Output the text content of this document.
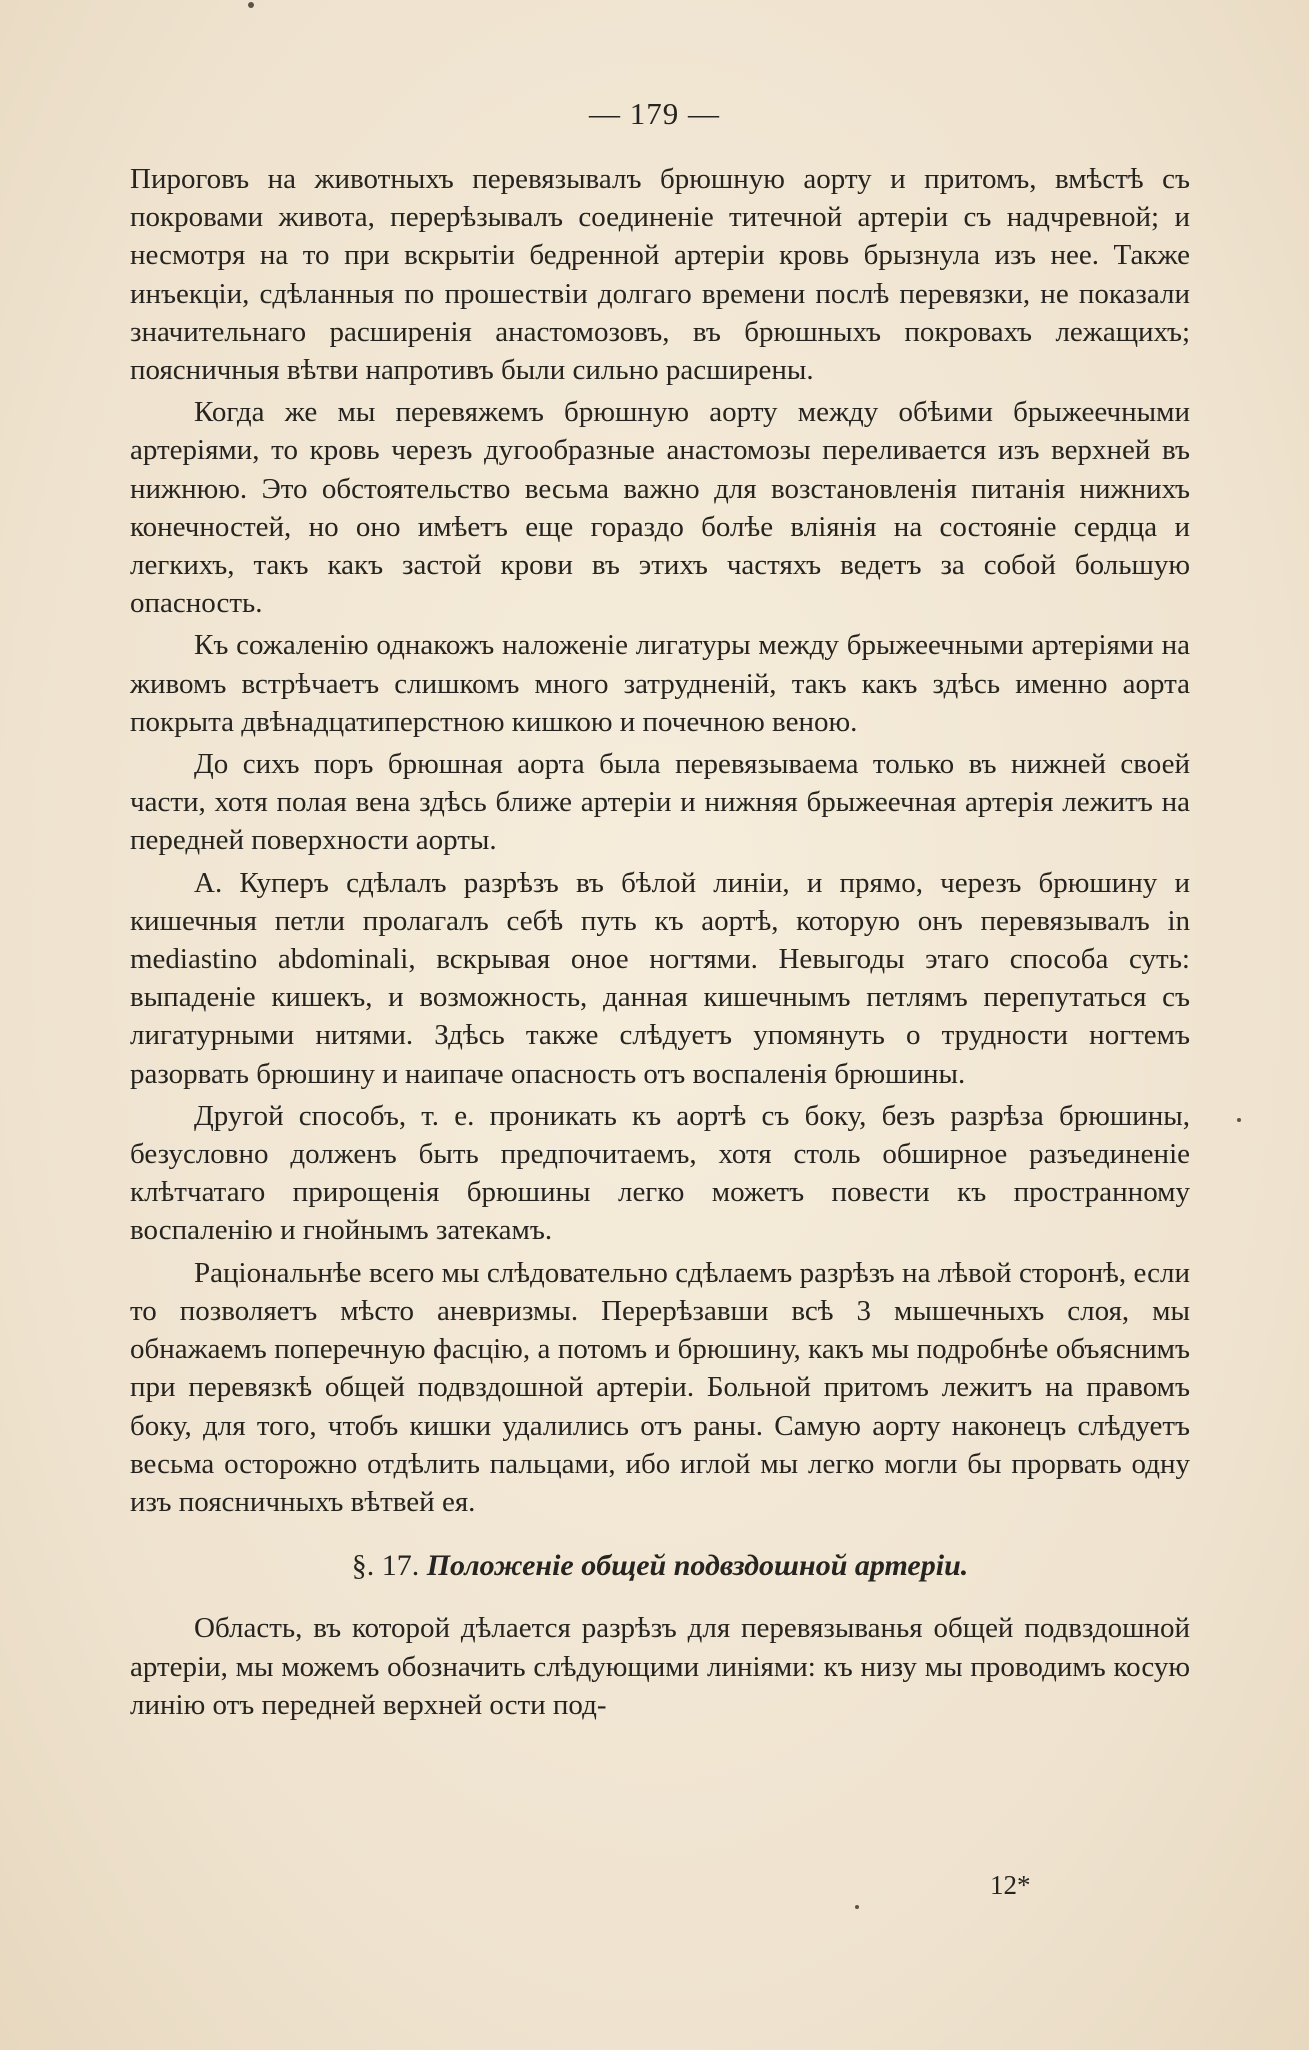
— 179 —

Пироговъ на животныхъ перевязывалъ брюшную аорту и притомъ, вмѣстѣ съ покровами живота, перерѣзывалъ соединеніе титечной артеріи съ надчревной; и несмотря на то при вскрытіи бедренной артеріи кровь брызнула изъ нее. Также инъекціи, сдѣланныя по прошествіи долгаго времени послѣ перевязки, не показали значительнаго расширенія анастомозовъ, въ брюшныхъ покровахъ лежащихъ; поясничныя вѣтви напротивъ были сильно расширены.

Когда же мы перевяжемъ брюшную аорту между обѣими брыжеечными артеріями, то кровь черезъ дугообразные анастомозы переливается изъ верхней въ нижнюю. Это обстоятельство весьма важно для возстановленія питанія нижнихъ конечностей, но оно имѣетъ еще гораздо болѣе вліянія на состояніе сердца и легкихъ, такъ какъ застой крови въ этихъ частяхъ ведетъ за собой большую опасность.

Къ сожаленію однакожъ наложеніе лигатуры между брыжеечными артеріями на живомъ встрѣчаетъ слишкомъ много затрудненій, такъ какъ здѣсь именно аорта покрыта двѣнадцатиперстною кишкою и почечною веною.

До сихъ поръ брюшная аорта была перевязываема только въ нижней своей части, хотя полая вена здѣсь ближе артеріи и нижняя брыжеечная артерія лежитъ на передней поверхности аорты.

А. Куперъ сдѣлалъ разрѣзъ въ бѣлой линіи, и прямо, черезъ брюшину и кишечныя петли пролагалъ себѣ путь къ аортѣ, которую онъ перевязывалъ in mediastino abdominali, вскрывая оное ногтями. Невыгоды этаго способа суть: выпаденіе кишекъ, и возможность, данная кишечнымъ петлямъ перепутаться съ лигатурными нитями. Здѣсь также слѣдуетъ упомянуть о трудности ногтемъ разорвать брюшину и наипаче опасность отъ воспаленія брюшины.

Другой способъ, т. е. проникать къ аортѣ съ боку, безъ разрѣза брюшины, безусловно долженъ быть предпочитаемъ, хотя столь обширное разъединеніе клѣтчатаго прирощенія брюшины легко можетъ повести къ пространному воспаленію и гнойнымъ затекамъ.

Раціональнѣе всего мы слѣдовательно сдѣлаемъ разрѣзъ на лѣвой сторонѣ, если то позволяетъ мѣсто аневризмы. Перерѣзавши всѣ 3 мышечныхъ слоя, мы обнажаемъ поперечную фасцію, а потомъ и брюшину, какъ мы подробнѣе объяснимъ при перевязкѣ общей подвздошной артеріи. Больной притомъ лежитъ на правомъ боку, для того, чтобъ кишки удалились отъ раны. Самую аорту наконецъ слѣдуетъ весьма осторожно отдѣлить пальцами, ибо иглой мы легко могли бы прорвать одну изъ поясничныхъ вѣтвей ея.

§. 17. Положеніе общей подвздошной артеріи.

Область, въ которой дѣлается разрѣзъ для перевязыванья общей подвздошной артеріи, мы можемъ обозначить слѣдующими линіями: къ низу мы проводимъ косую линію отъ передней верхней ости под-

12*
